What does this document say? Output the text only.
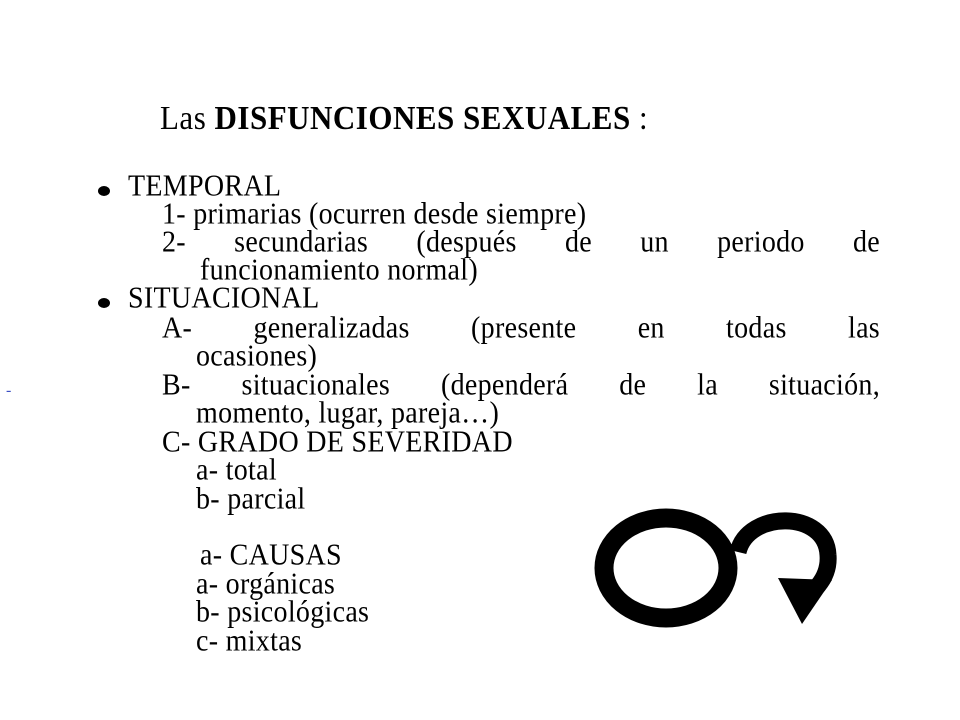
Las DISFUNCIONES SEXUALES :
TEMPORAL
1- primarias (ocurren desde siempre)
2- secundarias (después de un periodo de
funcionamiento normal)
SITUACIONAL
A- generalizadas (presente en todas las
ocasiones)
-	B- situacionales (dependerá de la situación,
momento, lugar, pareja…)
C- GRADO DE SEVERIDAD
a- total
b- parcial
a- CAUSAS
a- orgánicas
b- psicológicas
c- mixtas
